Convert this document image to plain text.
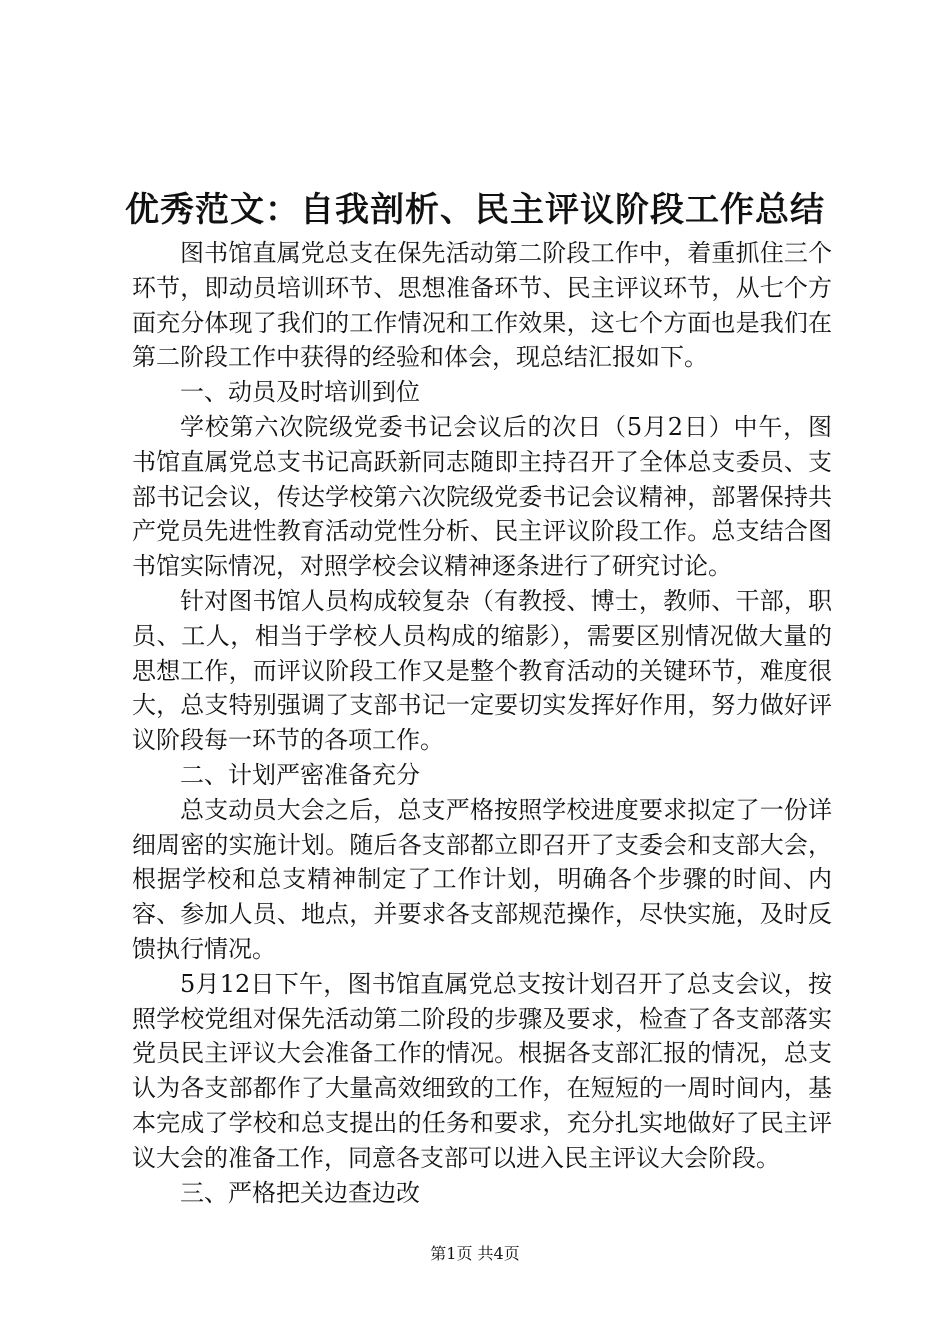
优秀范文：自我剖析、民主评议阶段工作总结

图书馆直属党总支在保先活动第二阶段工作中，着重抓住三个环节，即动员培训环节、思想准备环节、民主评议环节，从七个方面充分体现了我们的工作情况和工作效果，这七个方面也是我们在第二阶段工作中获得的经验和体会，现总结汇报如下。

一、动员及时培训到位

学校第六次院级党委书记会议后的次日（5月2日）中午，图书馆直属党总支书记高跃新同志随即主持召开了全体总支委员、支部书记会议，传达学校第六次院级党委书记会议精神，部署保持共产党员先进性教育活动党性分析、民主评议阶段工作。总支结合图书馆实际情况，对照学校会议精神逐条进行了研究讨论。

针对图书馆人员构成较复杂（有教授、博士，教师、干部，职员、工人，相当于学校人员构成的缩影），需要区别情况做大量的思想工作，而评议阶段工作又是整个教育活动的关键环节，难度很大，总支特别强调了支部书记一定要切实发挥好作用，努力做好评议阶段每一环节的各项工作。

二、计划严密准备充分

总支动员大会之后，总支严格按照学校进度要求拟定了一份详细周密的实施计划。随后各支部都立即召开了支委会和支部大会，根据学校和总支精神制定了工作计划，明确各个步骤的时间、内容、参加人员、地点，并要求各支部规范操作，尽快实施，及时反馈执行情况。

5月12日下午，图书馆直属党总支按计划召开了总支会议，按照学校党组对保先活动第二阶段的步骤及要求，检查了各支部落实党员民主评议大会准备工作的情况。根据各支部汇报的情况，总支认为各支部都作了大量高效细致的工作，在短短的一周时间内，基本完成了学校和总支提出的任务和要求，充分扎实地做好了民主评议大会的准备工作，同意各支部可以进入民主评议大会阶段。

三、严格把关边查边改

第1页 共4页
